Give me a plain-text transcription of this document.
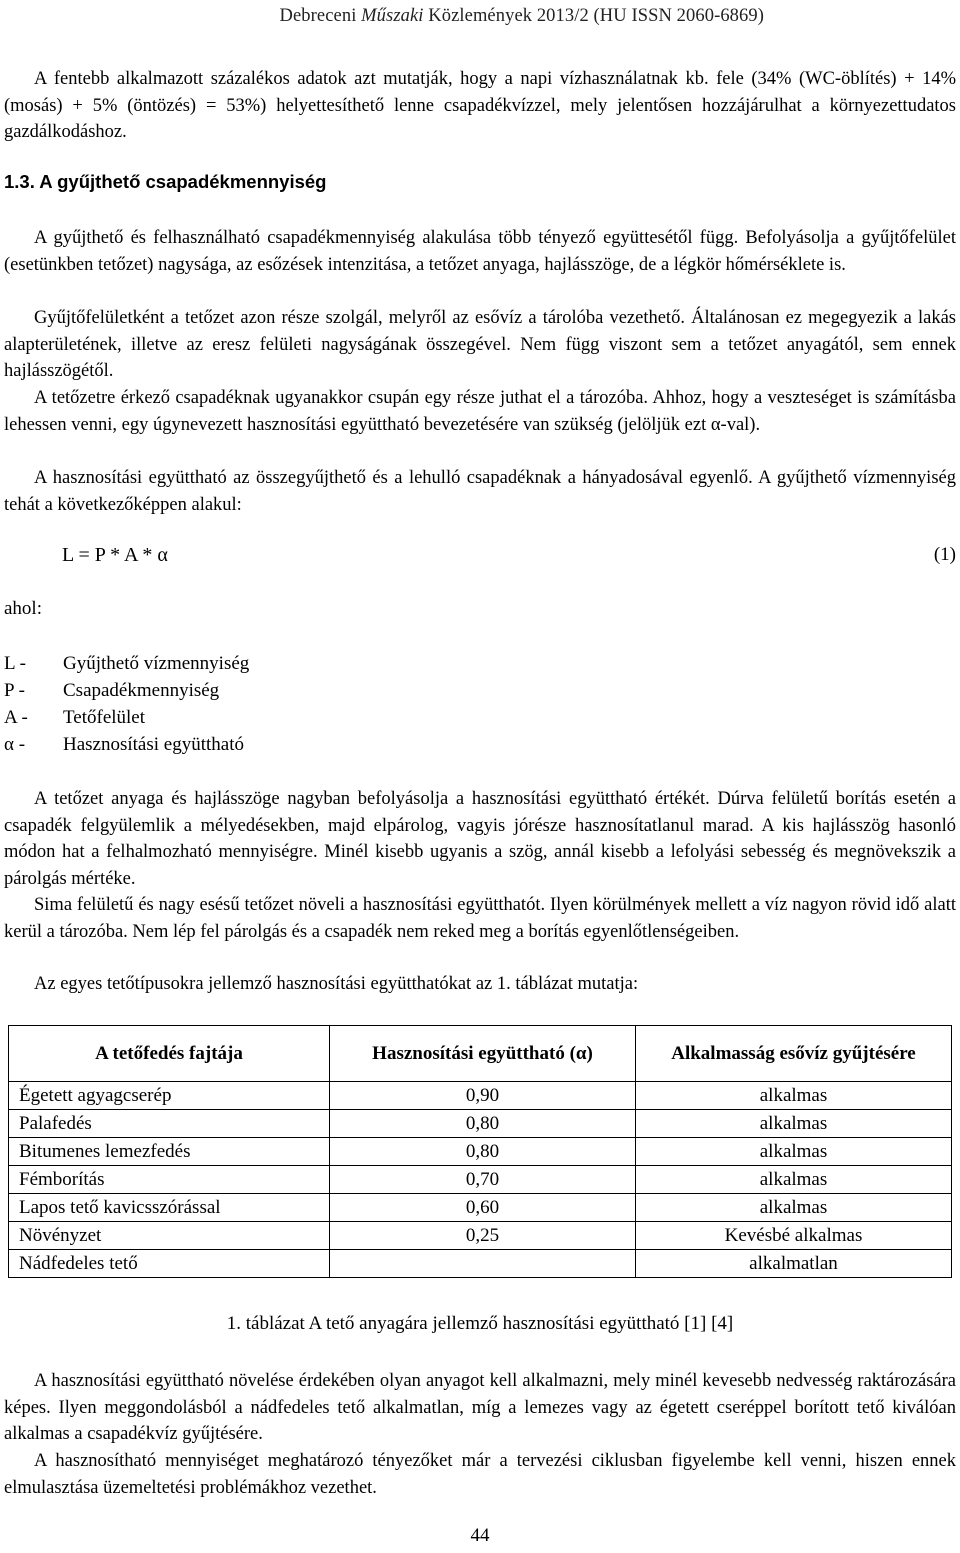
Debreceni Műszaki Közlemények 2013/2 (HU ISSN 2060-6869)

A fentebb alkalmazott százalékos adatok azt mutatják, hogy a napi vízhasználatnak kb. fele (34% (WC-öblítés) + 14% (mosás) + 5% (öntözés) = 53%) helyettesíthető lenne csapadékvízzel, mely jelentősen hozzájárulhat a környezettudatos gazdálkodáshoz.

1.3. A gyűjthető csapadékmennyiség

A gyűjthető és felhasználható csapadékmennyiség alakulása több tényező együttesétől függ. Befolyásolja a gyűjtőfelület (esetünkben tetőzet) nagysága, az esőzések intenzitása, a tetőzet anyaga, hajlásszöge, de a légkör hőmérséklete is.

Gyűjtőfelületként a tetőzet azon része szolgál, melyről az esővíz a tárolóba vezethető. Általánosan ez megegyezik a lakás alapterületének, illetve az eresz felületi nagyságának összegével. Nem függ viszont sem a tetőzet anyagától, sem ennek hajlásszögétől.

A tetőzetre érkező csapadéknak ugyanakkor csupán egy része juthat el a tározóba. Ahhoz, hogy a veszteséget is számításba lehessen venni, egy úgynevezett hasznosítási együttható bevezetésére van szükség (jelöljük ezt α-val).

A hasznosítási együttható az összegyűjthető és a lehulló csapadéknak a hányadosával egyenlő. A gyűjthető vízmennyiség tehát a következőképpen alakul:

L = P * A * α	(1)
ahol:
L -	Gyűjthető vízmennyiség
P -	Csapadékmennyiség
A -	Tetőfelület
α -	Hasznosítási együttható

A tetőzet anyaga és hajlásszöge nagyban befolyásolja a hasznosítási együttható értékét. Dúrva felületű borítás esetén a csapadék felgyülemlik a mélyedésekben, majd elpárolog, vagyis jórésze hasznosítatlanul marad. A kis hajlásszög hasonló módon hat a felhalmozható mennyiségre. Minél kisebb ugyanis a szög, annál kisebb a lefolyási sebesség és megnövekszik a párolgás mértéke.

Sima felületű és nagy esésű tetőzet növeli a hasznosítási együtthatót. Ilyen körülmények mellett a víz nagyon rövid idő alatt kerül a tározóba. Nem lép fel párolgás és a csapadék nem reked meg a borítás egyenlőtlenségeiben.

Az egyes tetőtípusokra jellemző hasznosítási együtthatókat az 1. táblázat mutatja:

A tetőfedés fajtája	Hasznosítási együttható (α)	Alkalmasság esővíz gyűjtésére
Égetett agyagcserép	0,90	alkalmas
Palafedés	0,80	alkalmas
Bitumenes lemezfedés	0,80	alkalmas
Fémborítás	0,70	alkalmas
Lapos tető kavicsszórással	0,60	alkalmas
Növényzet	0,25	Kevésbé alkalmas
Nádfedeles tető		alkalmatlan
1. táblázat A tető anyagára jellemző hasznosítási együttható [1] [4]

A hasznosítási együttható növelése érdekében olyan anyagot kell alkalmazni, mely minél kevesebb nedvesség raktározására képes. Ilyen meggondolásból a nádfedeles tető alkalmatlan, míg a lemezes vagy az égetett cseréppel borított tető kiválóan alkalmas a csapadékvíz gyűjtésére.

A hasznosítható mennyiséget meghatározó tényezőket már a tervezési ciklusban figyelembe kell venni, hiszen ennek elmulasztása üzemeltetési problémákhoz vezethet.

44
